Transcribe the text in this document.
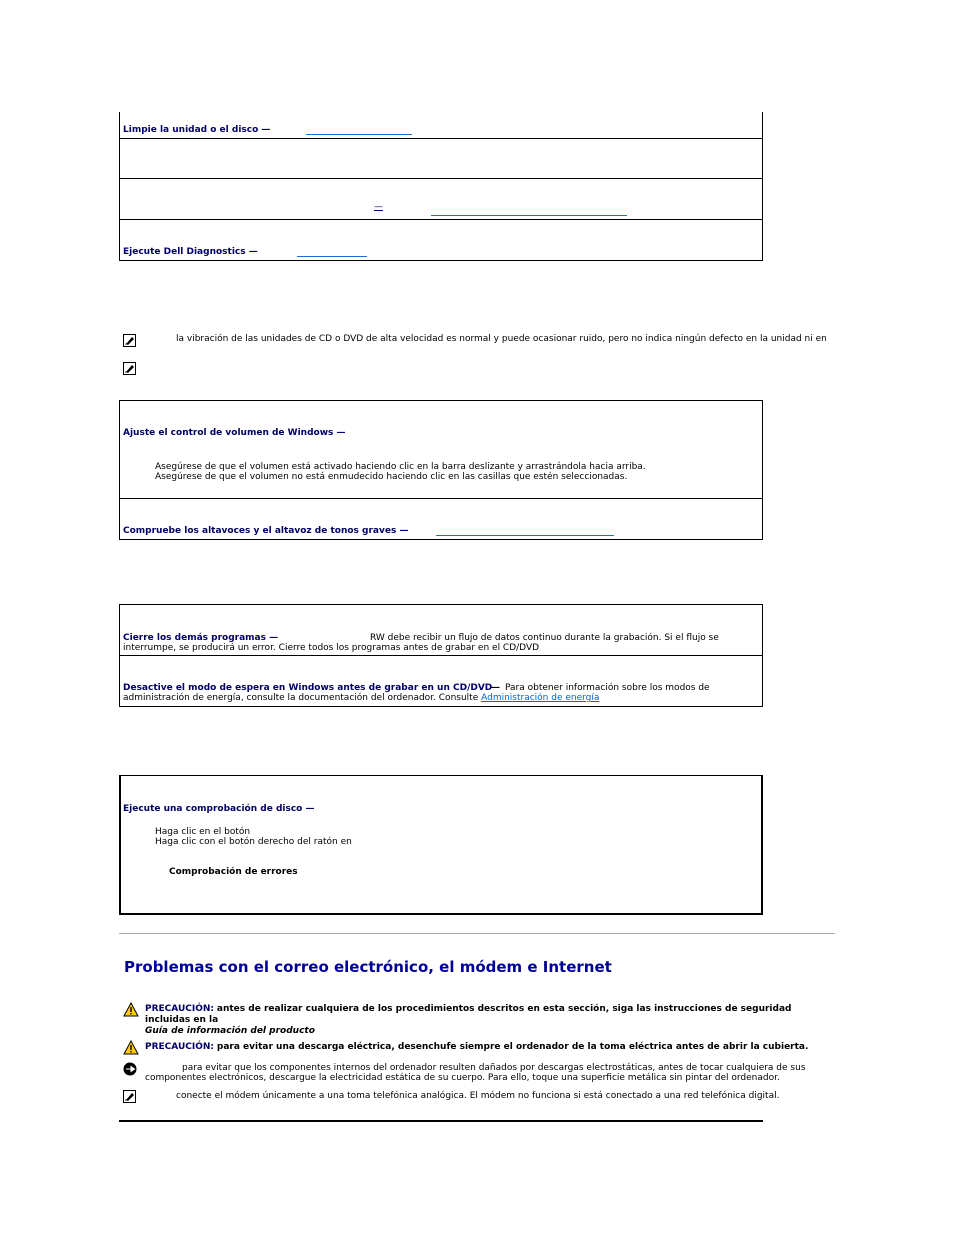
Limpie la unidad o el disco —
—
Ejecute Dell Diagnostics —
la vibración de las unidades de CD o DVD de alta velocidad es normal y puede ocasionar ruido, pero no indica ningún defecto en la unidad ni en
Ajuste el control de volumen de Windows —
Asegúrese de que el volumen está activado haciendo clic en la barra deslizante y arrastrándola hacia arriba.
Asegúrese de que el volumen no está enmudecido haciendo clic en las casillas que estén seleccionadas.
Compruebe los altavoces y el altavoz de tonos graves —
Cierre los demás programas —	RW debe recibir un flujo de datos continuo durante la grabación. Si el flujo se
interrumpe, se producirá un error. Cierre todos los programas antes de grabar en el CD/DVD
Desactive el modo de espera en Windows antes de grabar en un CD/DVD
— Para obtener información sobre los modos de
administración de energía, consulte la documentación del ordenador. Consulte Administración de energía
Ejecute una comprobación de disco —
Haga clic en el botón
Haga clic con el botón derecho del ratón en
Comprobación de errores
Problemas con el correo electrónico, el módem e Internet
PRECAUCIÓN: antes de realizar cualquiera de los procedimientos descritos en esta sección, siga las instrucciones de seguridad incluidas en la
Guía de información del producto
PRECAUCIÓN: para evitar una descarga eléctrica, desenchufe siempre el ordenador de la toma eléctrica antes de abrir la cubierta.
para evitar que los componentes internos del ordenador resulten dañados por descargas electrostáticas, antes de tocar cualquiera de sus
componentes electrónicos, descargue la electricidad estática de su cuerpo. Para ello, toque una superficie metálica sin pintar del ordenador.
conecte el módem únicamente a una toma telefónica analógica. El módem no funciona si está conectado a una red telefónica digital.
